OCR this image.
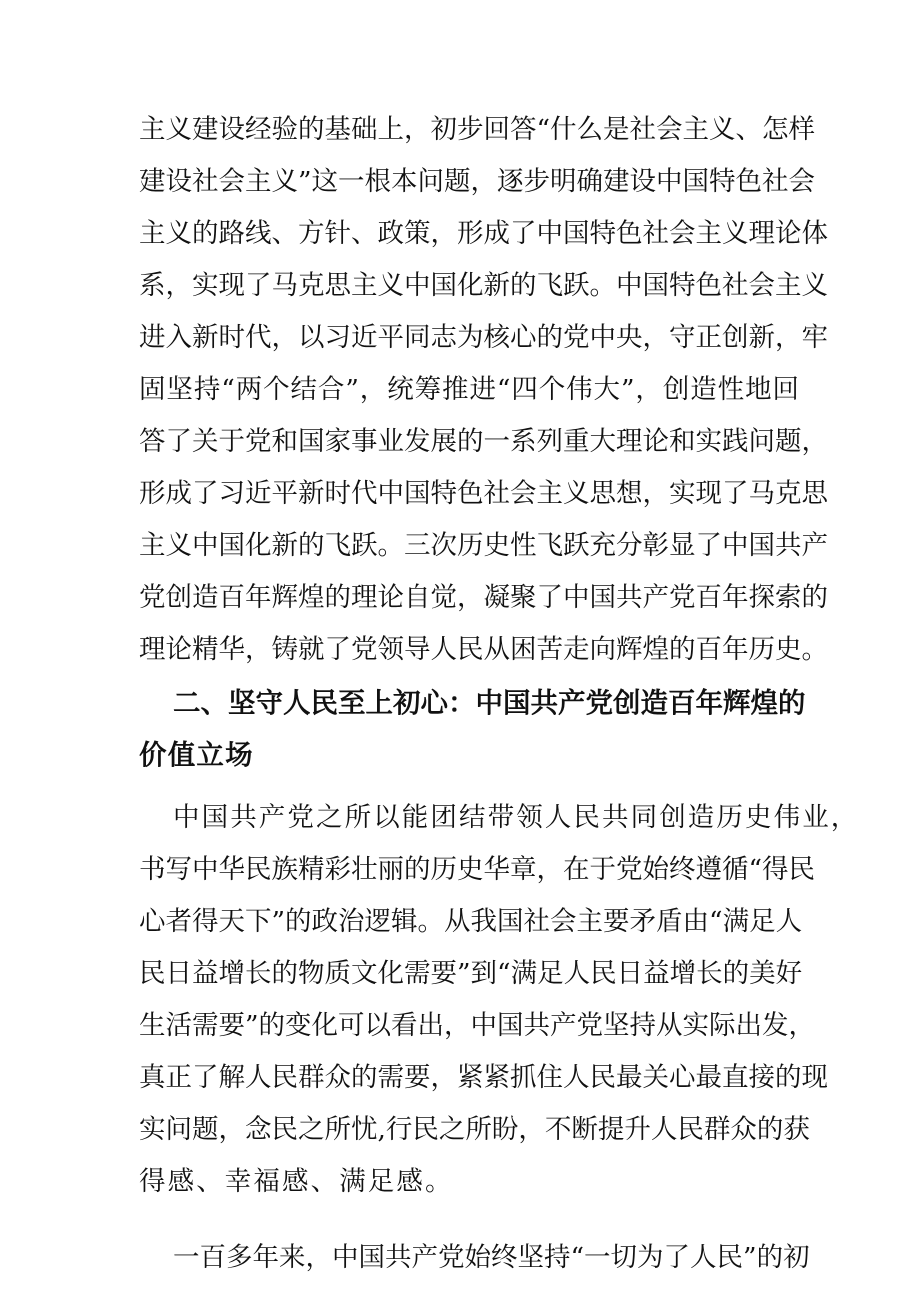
主义建设经验的基础上，初步回答“什么是社会主义、怎样
建设社会主义”这一根本问题，逐步明确建设中国特色社会
主义的路线、方针、政策，形成了中国特色社会主义理论体
系，实现了马克思主义中国化新的飞跃。中国特色社会主义
进入新时代，以习近平同志为核心的党中央，守正创新，牢
固坚持“两个结合”，统筹推进“四个伟大”，创造性地回
答了关于党和国家事业发展的一系列重大理论和实践问题，
形成了习近平新时代中国特色社会主义思想，实现了马克思
主义中国化新的飞跃。三次历史性飞跃充分彰显了中国共产
党创造百年辉煌的理论自觉，凝聚了中国共产党百年探索的
理论精华，铸就了党领导人民从困苦走向辉煌的百年历史。
二、坚守人民至上初心：中国共产党创造百年辉煌的
价值立场
中国共产党之所以能团结带领人民共同创造历史伟业，
书写中华民族精彩壮丽的历史华章，在于党始终遵循“得民
心者得天下”的政治逻辑。从我国社会主要矛盾由“满足人
民日益增长的物质文化需要”到“满足人民日益增长的美好
生活需要”的变化可以看出，中国共产党坚持从实际出发，
真正了解人民群众的需要，紧紧抓住人民最关心最直接的现
实问题，念民之所忧,行民之所盼，不断提升人民群众的获
得感、幸福感、满足感。
一百多年来，中国共产党始终坚持“一切为了人民”的初
